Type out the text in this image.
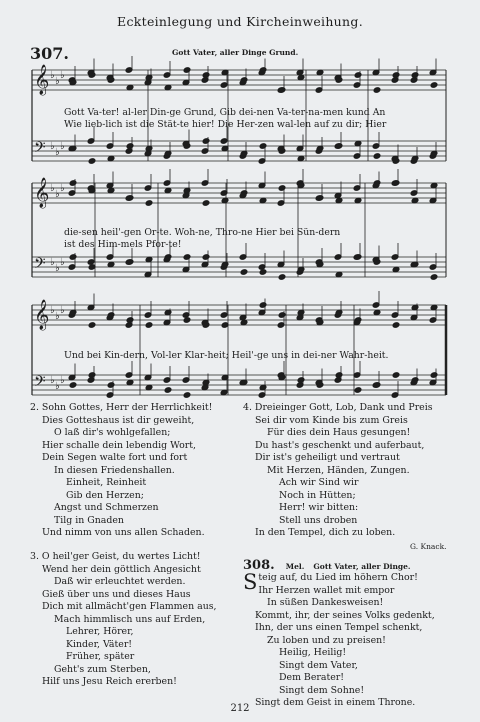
Eckteinlegung und Kircheinweihung.
307.	Gott Vater, aller Dinge Grund.
𝄞 ♭
♭
♭
𝄢 ♭
♭
♭
𝄞 ♭
♭
♭
𝄢 ♭
♭
♭
𝄞 ♭
♭
♭
𝄢 ♭
♭
♭
Gott Va-ter! al-ler Din-ge Grund, Gib dei-nen Va-ter-na-men kund An
Wie lieb-lich ist die Stät-te hier! Die Her-zen wal-len auf zu dir; Hier
die-sen heil'-gen Or-te. Woh-ne, Thro-ne Hier bei Sün-dern
ist des Him-mels Pfor-te!
Und bei Kin-dern, Vol-ler Klar-heit; Heil'-ge uns in dei-ner Wahr-heit.
2. Sohn Gottes, Herr der Herrlichkeit!
Dies Gotteshaus ist dir geweiht,
O laß dir's wohlgefallen;
Hier schalle dein lebendig Wort,
Dein Segen walte fort und fort
In diesen Friedenshallen.
Einheit, Reinheit
Gib den Herzen;
Angst und Schmerzen
Tilg in Gnaden
Und nimm von uns allen Schaden.
3. O heil'ger Geist, du wertes Licht!
Wend her dein göttlich Angesicht
Daß wir erleuchtet werden.
Gieß über uns und dieses Haus
Dich mit allmächt'gen Flammen aus,
Mach himmlisch uns auf Erden,
Lehrer, Hörer,
Kinder, Väter!
Früher, später
Geht's zum Sterben,
Hilf uns Jesu Reich ererben!
4. Dreieinger Gott, Lob, Dank und Preis
Sei dir vom Kinde bis zum Greis
Für dies dein Haus gesungen!
Du hast's geschenkt und auferbaut,
Dir ist's geheiligt und vertraut
Mit Herzen, Händen, Zungen.
Ach wir Sind wir
Noch in Hütten;
Herr! wir bitten:
Stell uns droben
In den Tempel, dich zu loben.
G. Knack.
308. Mel. Gott Vater, aller Dinge.
Steig auf, du Lied im höhern Chor!
Ihr Herzen wallet mit empor
In süßen Dankesweisen!
Kommt, ihr, der seines Volks gedenkt,
Ihn, der uns einen Tempel schenkt,
Zu loben und zu preisen!
Heilig, Heilig!
Singt dem Vater,
Dem Berater!
Singt dem Sohne!
Singt dem Geist in einem Throne.
212
